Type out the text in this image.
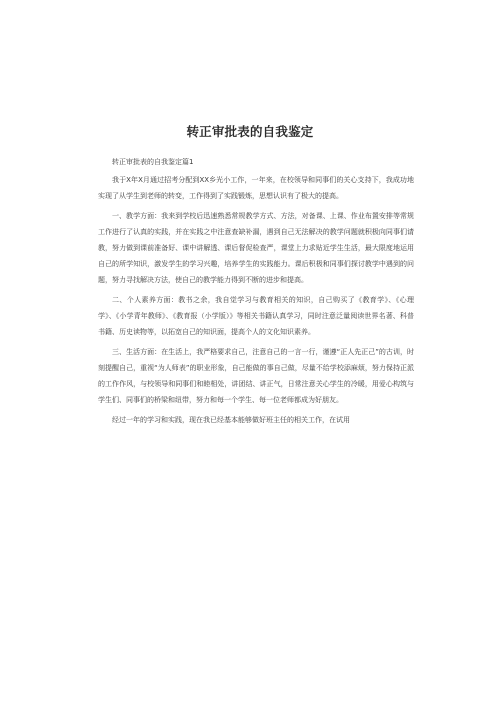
转正审批表的自我鉴定

转正审批表的自我鉴定篇1

我于X年X月通过招考分配到XX乡光小工作，一年来，在校领导和同事们的关心支持下，我成功地实现了从学生到老师的转变，工作得到了实践锻炼，思想认识有了极大的提高。

一、教学方面：我来到学校后迅速熟悉常规教学方式、方法，对备课、上课、作业布置安排等常规工作进行了认真的实践，并在实践之中注意查缺补漏，遇到自己无法解决的教学问题就积极向同事们请教，努力做到课前准备好、课中讲解透、课后督促检查严，课堂上力求贴近学生生活，最大限度地运用自己的所学知识，激发学生的学习兴趣，培养学生的实践能力。课后积极和同事们探讨教学中遇到的问题，努力寻找解决方法，使自己的教学能力得到不断的进步和提高。

二、个人素养方面：教书之余，我自觉学习与教育相关的知识，自己购买了《教育学》、《心理学》、《小学青年教师》、《教育报（小学版）》等相关书籍认真学习，同时注意泛量阅读世界名著、科普书籍、历史读物等，以拓宽自己的知识面，提高个人的文化知识素养。

三、生活方面：在生活上，我严格要求自己，注意自己的一言一行，谨遵“正人先正己”的古训，时刻提醒自己，重视“为人师表”的职业形象，自己能做的事自己做，尽量不给学校添麻烦，努力保持正派的工作作风，与校领导和同事们和睦相处，讲团结、讲正气，日常注意关心学生的冷暖，用爱心构筑与学生们、同事们的桥梁和纽带，努力和每一个学生、每一位老师都成为好朋友。

经过一年的学习和实践，现在我已经基本能够做好班主任的相关工作，在试用
